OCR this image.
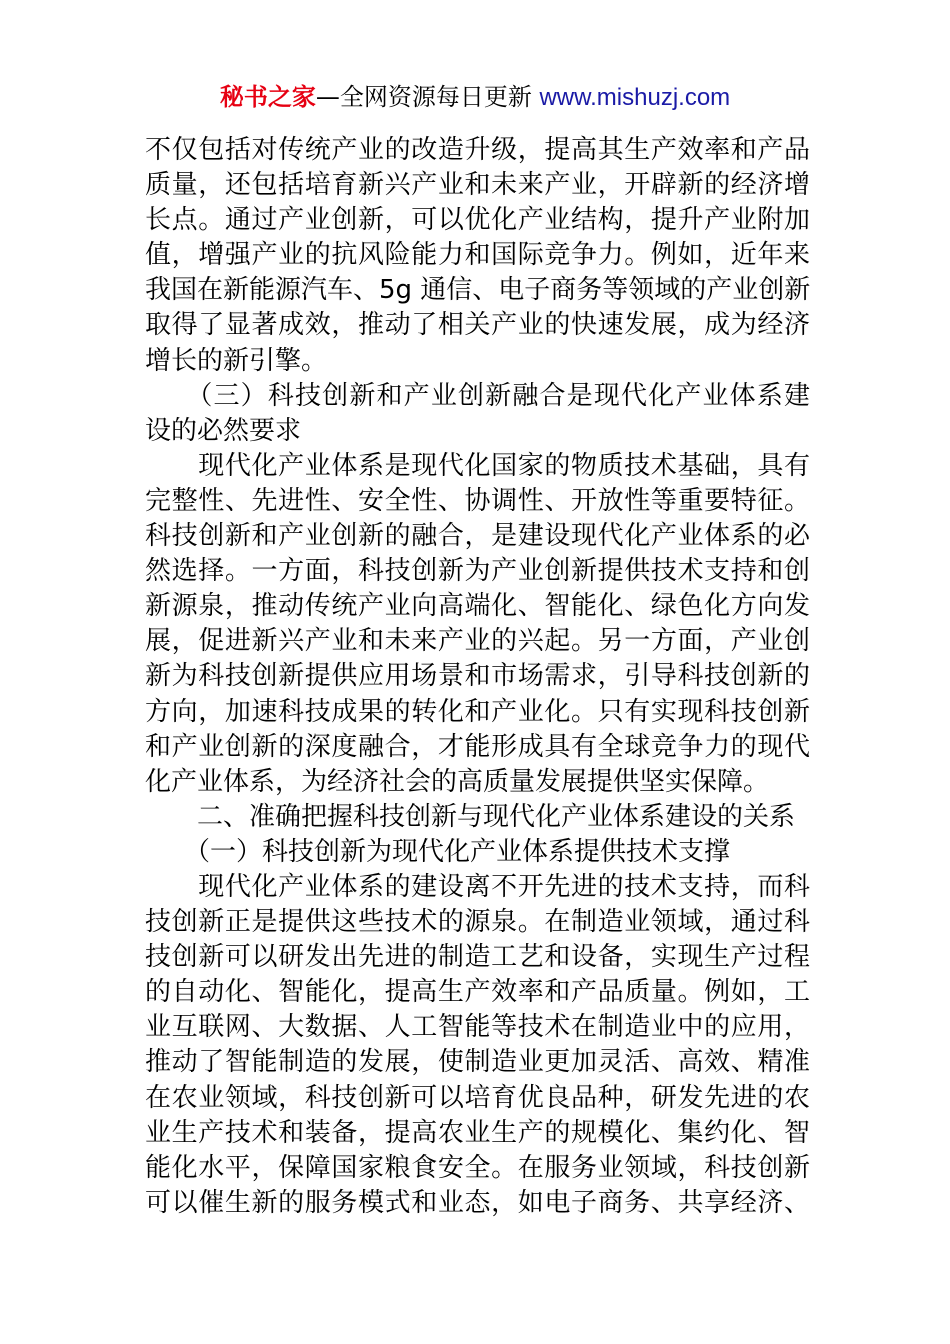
秘书之家—全网资源每日更新 www.mishuzj.com
不仅包括对传统产业的改造升级，提高其生产效率和产品
质量，还包括培育新兴产业和未来产业，开辟新的经济增
长点。通过产业创新，可以优化产业结构，提升产业附加
值，增强产业的抗风险能力和国际竞争力。例如，近年来
我国在新能源汽车、5g 通信、电子商务等领域的产业创新
取得了显著成效，推动了相关产业的快速发展，成为经济
增长的新引擎。
　　（三）科技创新和产业创新融合是现代化产业体系建
设的必然要求
　　现代化产业体系是现代化国家的物质技术基础，具有
完整性、先进性、安全性、协调性、开放性等重要特征。
科技创新和产业创新的融合，是建设现代化产业体系的必
然选择。一方面，科技创新为产业创新提供技术支持和创
新源泉，推动传统产业向高端化、智能化、绿色化方向发
展，促进新兴产业和未来产业的兴起。另一方面，产业创
新为科技创新提供应用场景和市场需求，引导科技创新的
方向，加速科技成果的转化和产业化。只有实现科技创新
和产业创新的深度融合，才能形成具有全球竞争力的现代
化产业体系，为经济社会的高质量发展提供坚实保障。
　　二、准确把握科技创新与现代化产业体系建设的关系
　　（一）科技创新为现代化产业体系提供技术支撑
　　现代化产业体系的建设离不开先进的技术支持，而科
技创新正是提供这些技术的源泉。在制造业领域，通过科
技创新可以研发出先进的制造工艺和设备，实现生产过程
的自动化、智能化，提高生产效率和产品质量。例如，工
业互联网、大数据、人工智能等技术在制造业中的应用，
推动了智能制造的发展，使制造业更加灵活、高效、精准
在农业领域，科技创新可以培育优良品种，研发先进的农
业生产技术和装备，提高农业生产的规模化、集约化、智
能化水平，保障国家粮食安全。在服务业领域，科技创新
可以催生新的服务模式和业态，如电子商务、共享经济、
